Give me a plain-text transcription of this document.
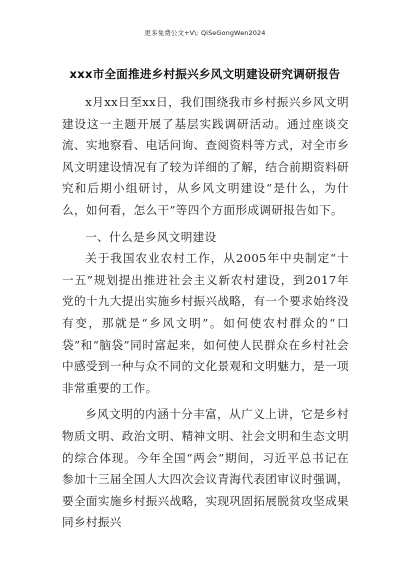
更多免费公文+V\: QiSeGongWen2024
xxx市全面推进乡村振兴乡风文明建设研究调研报告

x月xx日至xx日，我们围绕我市乡村振兴乡风文明建设这一主题开展了基层实践调研活动。通过座谈交流、实地察看、电话问询、查阅资料等方式，对全市乡风文明建设情况有了较为详细的了解，结合前期资料研究和后期小组研讨，从乡风文明建设“是什么，为什么，如何看，怎么干”等四个方面形成调研报告如下。

一、什么是乡风文明建设

关于我国农业农村工作，从2005年中央制定“十一五”规划提出推进社会主义新农村建设，到2017年党的十九大提出实施乡村振兴战略，有一个要求始终没有变，那就是“乡风文明”。如何使农村群众的“口袋”和“脑袋”同时富起来，如何使人民群众在乡村社会中感受到一种与众不同的文化景观和文明魅力，是一项非常重要的工作。

乡风文明的内涵十分丰富，从广义上讲，它是乡村物质文明、政治文明、精神文明、社会文明和生态文明的综合体现。今年全国“两会”期间，习近平总书记在参加十三届全国人大四次会议青海代表团审议时强调，要全面实施乡村振兴战略，实现巩固拓展脱贫攻坚成果同乡村振兴
